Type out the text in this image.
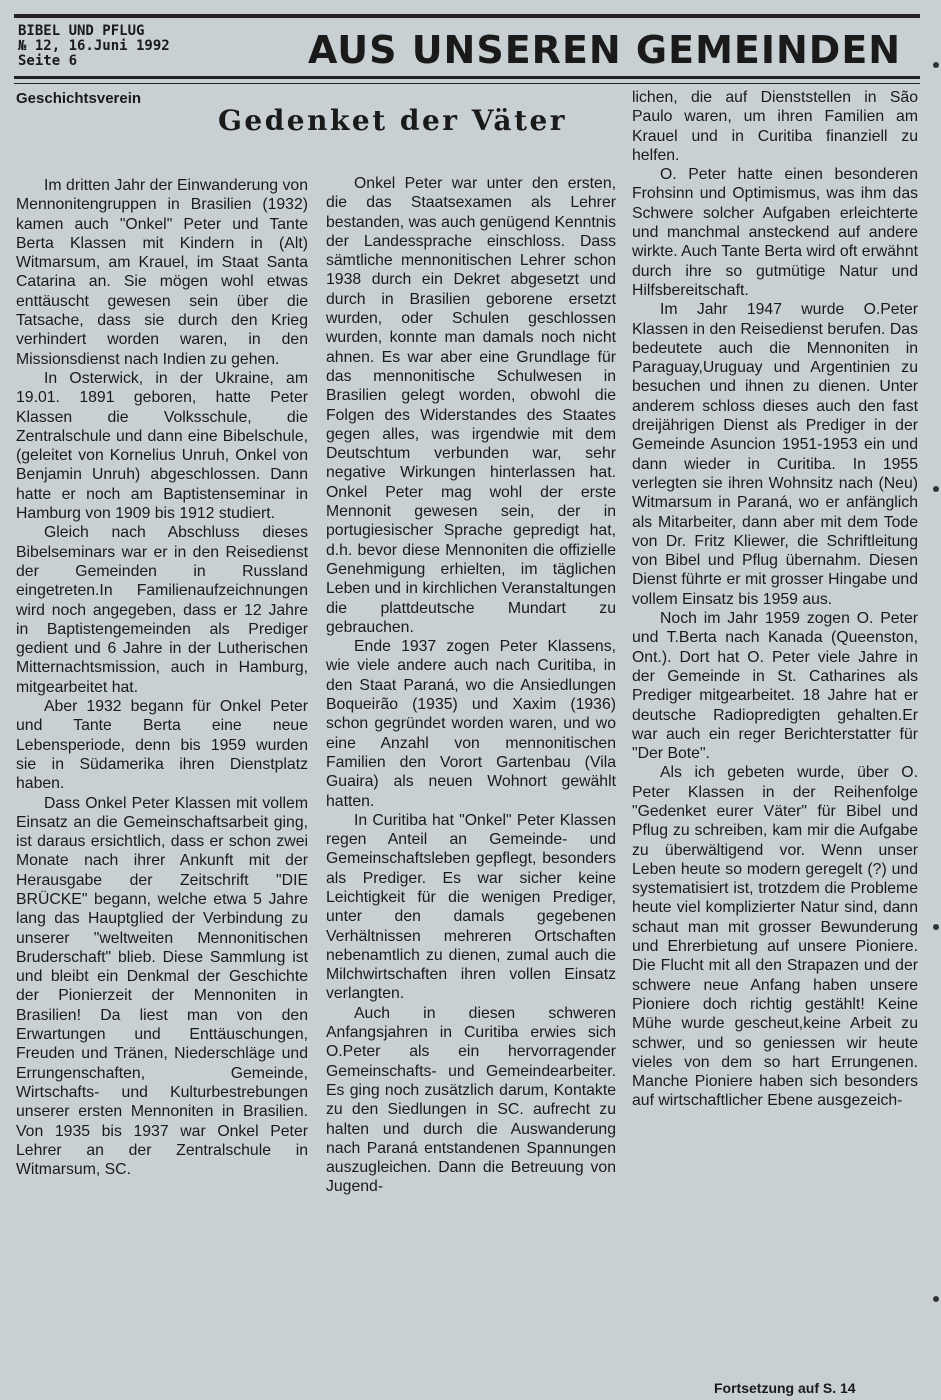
BIBEL UND PFLUG
№ 12, 16.Juni 1992
Seite 6	AUS UNSEREN GEMEINDEN
Geschichtsverein
Gedenket der Väter

Im dritten Jahr der Einwanderung von Mennonitengruppen in Brasilien (1932) kamen auch "Onkel" Peter und Tante Berta Klassen mit Kindern in (Alt) Witmarsum, am Krauel, im Staat Santa Catarina an. Sie mögen wohl etwas enttäuscht gewesen sein über die Tatsache, dass sie durch den Krieg verhindert worden waren, in den Missionsdienst nach Indien zu gehen.

In Osterwick, in der Ukraine, am 19.01. 1891 geboren, hatte Peter Klassen die Volksschule, die Zentralschule und dann eine Bibelschule, (geleitet von Kornelius Unruh, Onkel von Benjamin Unruh) abgeschlossen. Dann hatte er noch am Baptistenseminar in Hamburg von 1909 bis 1912 studiert.

Gleich nach Abschluss dieses Bibelseminars war er in den Reisedienst der Gemeinden in Russland eingetreten.In Familienaufzeichnungen wird noch angegeben, dass er 12 Jahre in Baptistengemeinden als Prediger gedient und 6 Jahre in der Lutherischen Mitternachtsmission, auch in Hamburg, mitgearbeitet hat.

Aber 1932 begann für Onkel Peter und Tante Berta eine neue Lebensperiode, denn bis 1959 wurden sie in Südamerika ihren Dienstplatz haben.

Dass Onkel Peter Klassen mit vollem Einsatz an die Gemeinschaftsarbeit ging, ist daraus ersichtlich, dass er schon zwei Monate nach ihrer Ankunft mit der Herausgabe der Zeitschrift "DIE BRÜCKE" begann, welche etwa 5 Jahre lang das Hauptglied der Verbindung zu unserer "weltweiten Mennonitischen Bruderschaft" blieb. Diese Sammlung ist und bleibt ein Denkmal der Geschichte der Pionierzeit der Mennoniten in Brasilien! Da liest man von den Erwartungen und Enttäuschungen, Freuden und Tränen, Niederschläge und Errungenschaften, Gemeinde, Wirtschafts- und Kulturbestrebungen unserer ersten Mennoniten in Brasilien. Von 1935 bis 1937 war Onkel Peter Lehrer an der Zentralschule in Witmarsum, SC.

Onkel Peter war unter den ersten, die das Staatsexamen als Lehrer bestanden, was auch genügend Kenntnis der Landessprache einschloss. Dass sämtliche mennonitischen Lehrer schon 1938 durch ein Dekret abgesetzt und durch in Brasilien geborene ersetzt wurden, oder Schulen geschlossen wurden, konnte man damals noch nicht ahnen. Es war aber eine Grundlage für das mennonitische Schulwesen in Brasilien gelegt worden, obwohl die Folgen des Widerstandes des Staates gegen alles, was irgendwie mit dem Deutschtum verbunden war, sehr negative Wirkungen hinterlassen hat. Onkel Peter mag wohl der erste Mennonit gewesen sein, der in portugiesischer Sprache gepredigt hat, d.h. bevor diese Mennoniten die offizielle Genehmigung erhielten, im täglichen Leben und in kirchlichen Veranstaltungen die plattdeutsche Mundart zu gebrauchen.

Ende 1937 zogen Peter Klassens, wie viele andere auch nach Curitiba, in den Staat Paraná, wo die Ansiedlungen Boqueirão (1935) und Xaxim (1936) schon gegründet worden waren, und wo eine Anzahl von mennonitischen Familien den Vorort Gartenbau (Vila Guaira) als neuen Wohnort gewählt hatten.

In Curitiba hat "Onkel" Peter Klassen regen Anteil an Gemeinde- und Gemeinschaftsleben gepflegt, besonders als Prediger. Es war sicher keine Leichtigkeit für die wenigen Prediger, unter den damals gegebenen Verhältnissen mehreren Ortschaften nebenamtlich zu dienen, zumal auch die Milchwirtschaften ihren vollen Einsatz verlangten.

Auch in diesen schweren Anfangsjahren in Curitiba erwies sich O.Peter als ein hervorragender Gemeinschafts- und Gemeindearbeiter. Es ging noch zusätzlich darum, Kontakte zu den Siedlungen in SC. aufrecht zu halten und durch die Auswanderung nach Paraná entstandenen Spannungen auszugleichen. Dann die Betreuung von Jugend-

lichen, die auf Dienststellen in São Paulo waren, um ihren Familien am Krauel und in Curitiba finanziell zu helfen.

O. Peter hatte einen besonderen Frohsinn und Optimismus, was ihm das Schwere solcher Aufgaben erleichterte und manchmal ansteckend auf andere wirkte. Auch Tante Berta wird oft erwähnt durch ihre so gutmütige Natur und Hilfsbereitschaft.

Im Jahr 1947 wurde O.Peter Klassen in den Reisedienst berufen. Das bedeutete auch die Mennoniten in Paraguay,Uruguay und Argentinien zu besuchen und ihnen zu dienen. Unter anderem schloss dieses auch den fast dreijährigen Dienst als Prediger in der Gemeinde Asuncion 1951-1953 ein und dann wieder in Curitiba. In 1955 verlegten sie ihren Wohnsitz nach (Neu) Witmarsum in Paraná, wo er anfänglich als Mitarbeiter, dann aber mit dem Tode von Dr. Fritz Kliewer, die Schriftleitung von Bibel und Pflug übernahm. Diesen Dienst führte er mit grosser Hingabe und vollem Einsatz bis 1959 aus.

Noch im Jahr 1959 zogen O. Peter und T.Berta nach Kanada (Queenston, Ont.). Dort hat O. Peter viele Jahre in der Gemeinde in St. Catharines als Prediger mitgearbeitet. 18 Jahre hat er deutsche Radiopredigten gehalten.Er war auch ein reger Berichterstatter für "Der Bote".

Als ich gebeten wurde, über O. Peter Klassen in der Reihenfolge "Gedenket eurer Väter" für Bibel und Pflug zu schreiben, kam mir die Aufgabe zu überwältigend vor. Wenn unser Leben heute so modern geregelt (?) und systematisiert ist, trotzdem die Probleme heute viel komplizierter Natur sind, dann schaut man mit grosser Bewunderung und Ehrerbietung auf unsere Pioniere. Die Flucht mit all den Strapazen und der schwere neue Anfang haben unsere Pioniere doch richtig gestählt! Keine Mühe wurde gescheut,keine Arbeit zu schwer, und so geniessen wir heute vieles von dem so hart Errungenen. Manche Pioniere haben sich besonders auf wirtschaftlicher Ebene ausgezeich-

Fortsetzung auf S. 14
